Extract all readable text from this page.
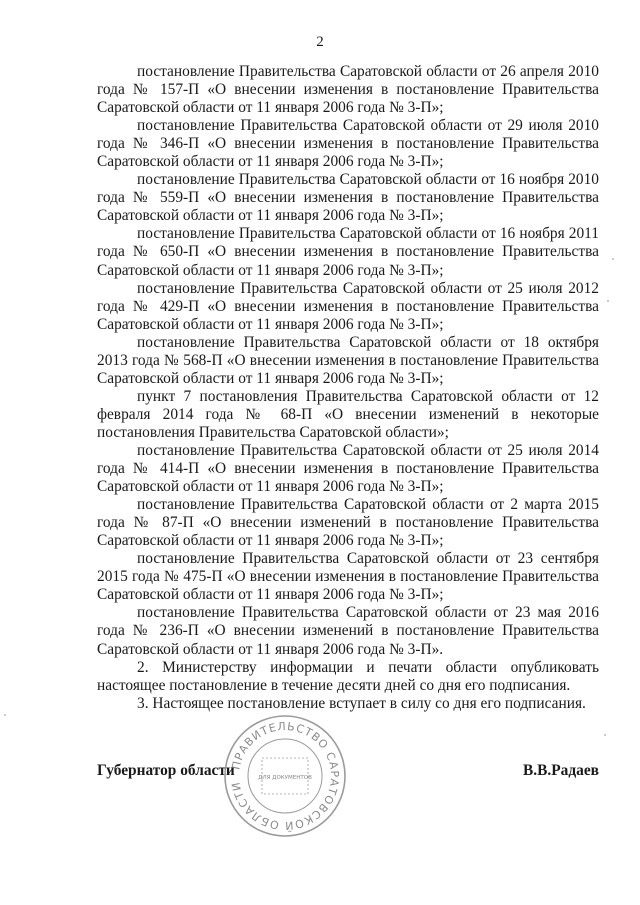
2

постановление Правительства Саратовской области от 26 апреля 2010 года № 157-П «О внесении изменения в постановление Правительства Саратовской области от 11 января 2006 года № 3-П»;

постановление Правительства Саратовской области от 29 июля 2010 года № 346-П «О внесении изменения в постановление Правительства Саратовской области от 11 января 2006 года № 3-П»;

постановление Правительства Саратовской области от 16 ноября 2010 года № 559-П «О внесении изменения в постановление Правительства Саратовской области от 11 января 2006 года № 3-П»;

постановление Правительства Саратовской области от 16 ноября 2011 года № 650-П «О внесении изменения в постановление Правительства Саратовской области от 11 января 2006 года № 3-П»;

постановление Правительства Саратовской области от 25 июля 2012 года № 429-П «О внесении изменения в постановление Правительства Саратовской области от 11 января 2006 года № 3-П»;

постановление Правительства Саратовской области от 18 октября 2013 года № 568-П «О внесении изменения в постановление Правительства Саратовской области от 11 января 2006 года № 3-П»;

пункт 7 постановления Правительства Саратовской области от 12 февраля 2014 года № 68-П «О внесении изменений в некоторые постановления Правительства Саратовской области»;

постановление Правительства Саратовской области от 25 июля 2014 года № 414-П «О внесении изменения в постановление Правительства Саратовской области от 11 января 2006 года № 3-П»;

постановление Правительства Саратовской области от 2 марта 2015 года № 87-П «О внесении изменений в постановление Правительства Саратовской области от 11 января 2006 года № 3-П»;

постановление Правительства Саратовской области от 23 сентября 2015 года № 475-П «О внесении изменения в постановление Правительства Саратовской области от 11 января 2006 года № 3-П»;

постановление Правительства Саратовской области от 23 мая 2016 года № 236-П «О внесении изменений в постановление Правительства Саратовской области от 11 января 2006 года № 3-П».

2. Министерству информации и печати области опубликовать настоящее постановление в течение десяти дней со дня его подписания.

3. Настоящее постановление вступает в силу со дня его подписания.

Губернатор области	В.В.Радаев
ПРАВИТЕЛЬСТВО САРАТОВСКОЙ ОБЛАСТИ
ДЛЯ ДОКУМЕНТОВ
